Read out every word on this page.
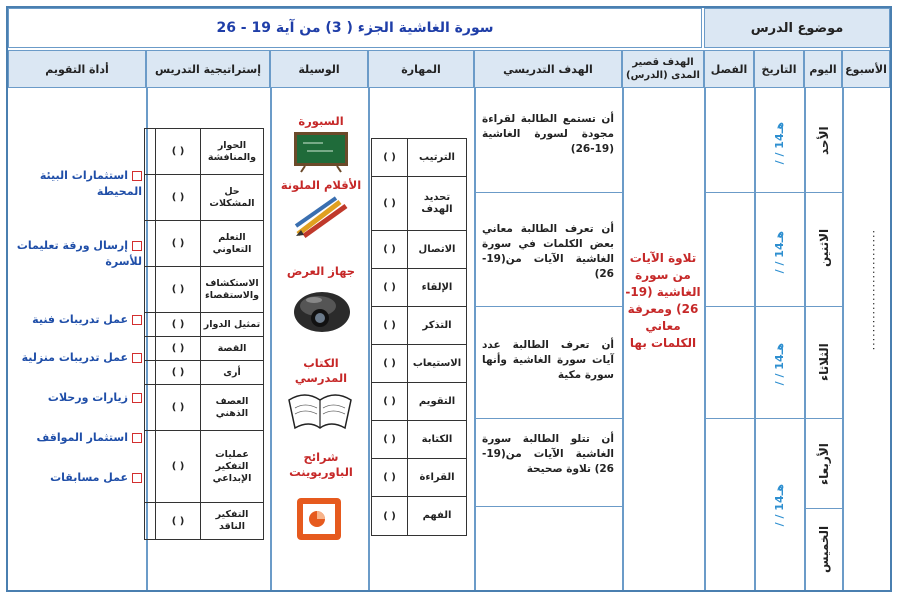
سورة الغاشية الجزء ( 3) من آية 19 - 26	موضوع الدرس
الأسبوع
اليوم
التاريخ
الفصل
الهدف قصير المدى (الدرس)
الهدف التدريسي
المهارة
الوسيلة
إستراتيجية التدريس
أداة التقويم
...........................
الأحد
الاثنين
الثلاثاء
الأربعاء
الخميس
/ / 14هـ
/ / 14هـ
/ / 14هـ
/ / 14هـ
تلاوة الآيات من سورة الغاشية (19-26) ومعرفة معاني الكلمات بها
أن تستمع الطالبة لقراءة مجودة لسورة الغاشية (19-26)
أن تعرف الطالبة معاني بعض الكلمات في سورة الغاشية الآيات من(19-26)
أن تعرف الطالبة عدد آيات سورة الغاشية وأنها سورة مكية
أن تتلو الطالبة سورة الغاشية الآيات من(19-26) تلاوة صحيحة
الترتيب
( )
تحديد الهدف
( )
الاتصال
( )
الإلقاء
( )
التذكر
( )
الاستيعاب
( )
التقويم
( )
الكتابة
( )
القراءة
( )
الفهم
( )
السبورة
الأقلام الملونة
جهاز العرض
الكتاب المدرسي
شرائح الباوربوينت
الحوار والمنافشة
( )
حل المشكلات
( )
التعلم التعاوني
( )
الاستكشاف والاستقصاء
( )
تمثيل الدوار
( )
القصة
( )
أرى
( )
العصف الذهني
( )
عمليات التفكير الإبداعي
( )
التفكير الناقد
( )
استثمارات البيئة المحيطة
إرسال ورقة تعليمات للأسرة
عمل تدريبات فنية
عمل تدريبات منزلية
زيارات ورحلات
استثمار المواقف
عمل مسابقات
